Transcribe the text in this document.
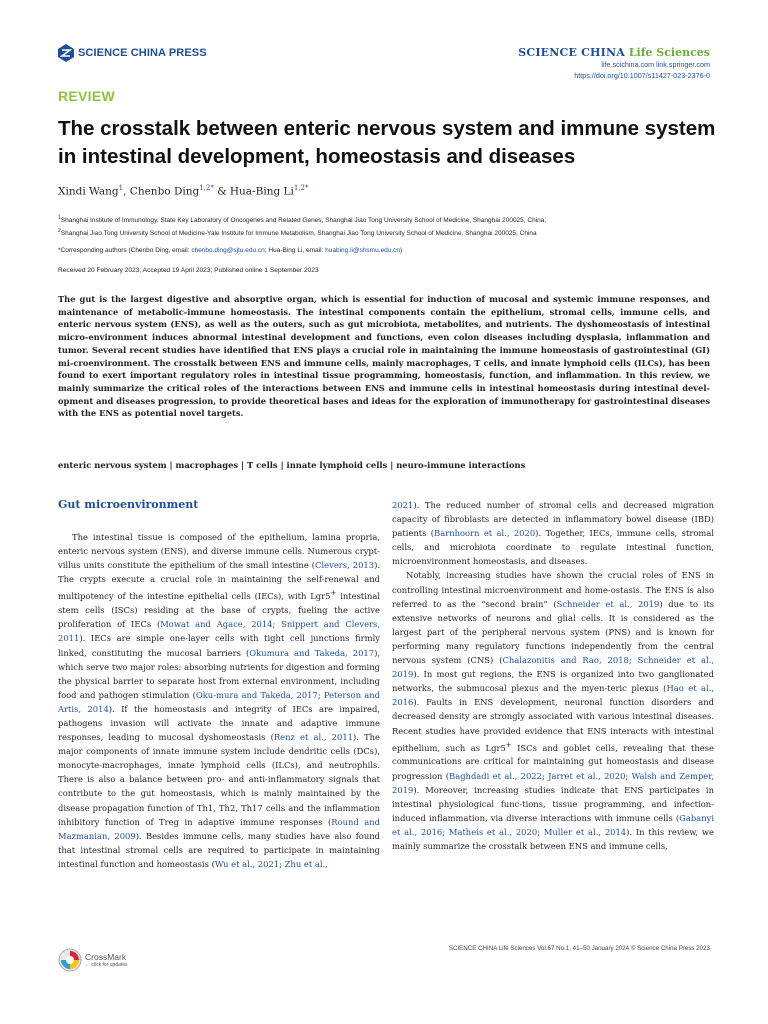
SCIENCE CHINA PRESS	SCIENCE CHINA Life Sciences
life.scichina.com link.springer.com
https://doi.org/10.1007/s11427-023-2376-0
REVIEW
The crosstalk between enteric nervous system and immune system in intestinal development, homeostasis and diseases
Xindi Wang$^1$, Chenbo Ding$^{1,2*}$ & Hua-Bing $Li^{1,2*}$
$^1$Shanghai Institute of Immunology, State Key Laboratory of Oncogenes and Related Genes, Shanghai Jiao Tong University School of Medicine, Shanghai 200025, China;
$^2$Shanghai Jiao Tong University School of Medicine-Yale Institute for Immune Metabolism, Shanghai Jiao Tong University School of Medicine, Shanghai 200025, China
*Corresponding authors (Chenbo Ding, email: chenbo.ding@sjtu.edu.cn; Hua-Bing Li, email: huabing.li@shsmu.edu.cn)
Received 20 February 2023; Accepted 19 April 2023; Published online 1 September 2023

The gut is the largest digestive and absorptive organ, which is essential for induction of mucosal and systemic immune responses, and maintenance of metabolic-immune homeostasis. The intestinal components contain the epithelium, stromal cells, immune cells, and enteric nervous system (ENS), as well as the outers, such as gut microbiota, metabolites, and nutrients. The dyshomeostasis of intestinal micro-environment induces abnormal intestinal development and functions, even colon diseases including dysplasia, inflammation and tumor. Several recent studies have identified that ENS plays a crucial role in maintaining the immune homeostasis of gastrointestinal (GI) mi-croenvironment. The crosstalk between ENS and immune cells, mainly macrophages, T cells, and innate lymphoid cells (ILCs), has been found to exert important regulatory roles in intestinal tissue programming, homeostasis, function, and inflammation. In this review, we mainly summarize the critical roles of the interactions between ENS and immune cells in intestinal homeostasis during intestinal devel-opment and diseases progression, to provide theoretical bases and ideas for the exploration of immunotherapy for gastrointestinal diseases with the ENS as potential novel targets.

enteric nervous system | macrophages | T cells | innate lymphoid cells | neuro-immune interactions
Gut microenvironment

The intestinal tissue is composed of the epithelium, lamina propria, enteric nervous system (ENS), and diverse immune cells. Numerous crypt-villus units constitute the epithelium of the small intestine (Clevers, 2013). The crypts execute a crucial role in maintaining the self-renewal and multipotency of the intestine epithelial cells (IECs), with Lgr5+ intestinal stem cells (ISCs) residing at the base of crypts, fueling the active proliferation of IECs (Mowat and Agace, 2014; Snippert and Clevers, 2011). IECs are simple one-layer cells with tight cell junctions firmly linked, constituting the mucosal barriers (Okumura and Takeda, 2017), which serve two major roles: absorbing nutrients for digestion and forming the physical barrier to separate host from external environment, including food and pathogen stimulation (Oku-mura and Takeda, 2017; Peterson and Artis, 2014). If the homeostasis and integrity of IECs are impaired, pathogens invasion will activate the innate and adaptive immune responses, leading to mucosal dyshomeostasis (Renz et al., 2011). The major components of innate immune system include dendritic cells (DCs), monocyte-macrophages, innate lymphoid cells (ILCs), and neutrophils. There is also a balance between pro- and anti-inflammatory signals that contribute to the gut homeostasis, which is mainly maintained by the disease propagation function of Th1, Th2, Th17 cells and the inflammation inhibitory function of Treg in adaptive immune responses (Round and Mazmanian, 2009). Besides immune cells, many studies have also found that intestinal stromal cells are required to participate in maintaining intestinal function and homeostasis (Wu et al., 2021; Zhu et al.,

2021). The reduced number of stromal cells and decreased migration capacity of fibroblasts are detected in inflammatory bowel disease (IBD) patients (Barnhoorn et al., 2020). Together, IECs, immune cells, stromal cells, and microbiota coordinate to regulate intestinal function, microenvironment homeostasis, and diseases.

Notably, increasing studies have shown the crucial roles of ENS in controlling intestinal microenvironment and home-ostasis. The ENS is also referred to as the “second brain” (Schneider et al., 2019) due to its extensive networks of neurons and glial cells. It is considered as the largest part of the peripheral nervous system (PNS) and is known for performing many regulatory functions independently from the central nervous system (CNS) (Chalazonitis and Rao, 2018; Schneider et al., 2019). In most gut regions, the ENS is organized into two ganglionated networks, the submucosal plexus and the myen-teric plexus (Hao et al., 2016). Faults in ENS development, neuronal function disorders and decreased density are strongly associated with various intestinal diseases. Recent studies have provided evidence that ENS interacts with intestinal epithelium, such as Lgr5+ ISCs and goblet cells, revealing that these communications are critical for maintaining gut homeostasis and disease progression (Baghdadi et al., 2022; Jarret et al., 2020; Walsh and Zemper, 2019). Moreover, increasing studies indicate that ENS participates in intestinal physiological func-tions, tissue programming, and infection-induced inflammation, via diverse interactions with immune cells (Gabanyi et al., 2016; Matheis et al., 2020; Muller et al., 2014). In this review, we mainly summarize the crosstalk between ENS and immune cells,

CrossMark
← click for updates
SCIENCE CHINA Life Sciences Vol.67 No.1, 41–50 January 2024 © Science China Press 2023
